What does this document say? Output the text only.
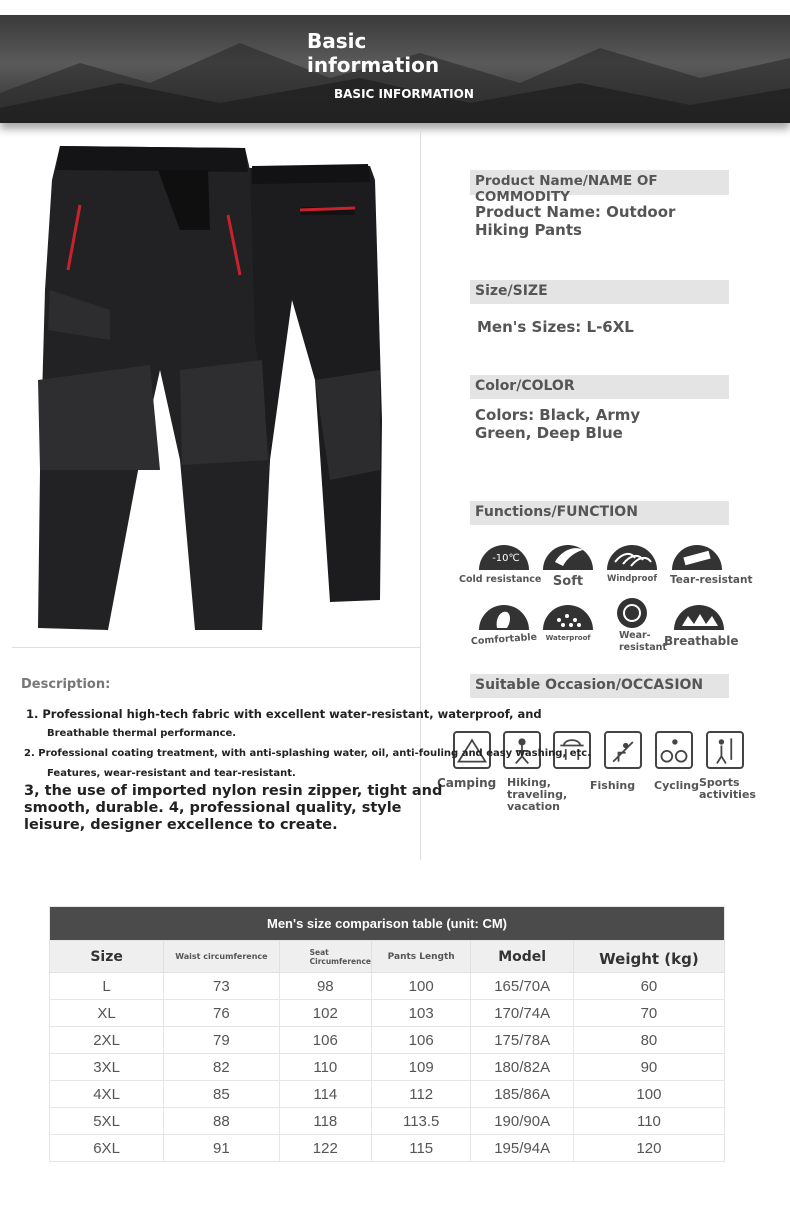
Basic information
BASIC INFORMATION
Product Name/NAME OF COMMODITY
Product Name: Outdoor Hiking Pants
Size/SIZE
Men's Sizes: L-6XL
Color/COLOR
Colors: Black, Army Green, Deep Blue
Functions/FUNCTION
-10℃
Cold resistance Soft	Windproof	Tear-resistant
Comfortable	Waterproof	Wear-resistant
Breathable
Suitable Occasion/OCCASION
Camping Hiking, traveling, vacation
Fishing Cycling Sports activities
Description:
1. Professional high-tech fabric with excellent water-resistant, waterproof, and
Breathable thermal performance.
2. Professional coating treatment, with anti-splashing water, oil, anti-fouling and easy washing, etc.
Features, wear-resistant and tear-resistant.
3, the use of imported nylon resin zipper, tight and smooth, durable. 4, professional quality, style leisure, designer excellence to create.
Men's size comparison table (unit: CM)					
Size	Waist circumference	Seat Circumference	Pants Length	Model	Weight (kg)
L	73	98	100	165/70A	60
XL	76	102	103	170/74A	70
2XL	79	106	106	175/78A	80
3XL	82	110	109	180/82A	90
4XL	85	114	112	185/86A	100
5XL	88	118	113.5	190/90A	110
6XL	91	122	115	195/94A	120
